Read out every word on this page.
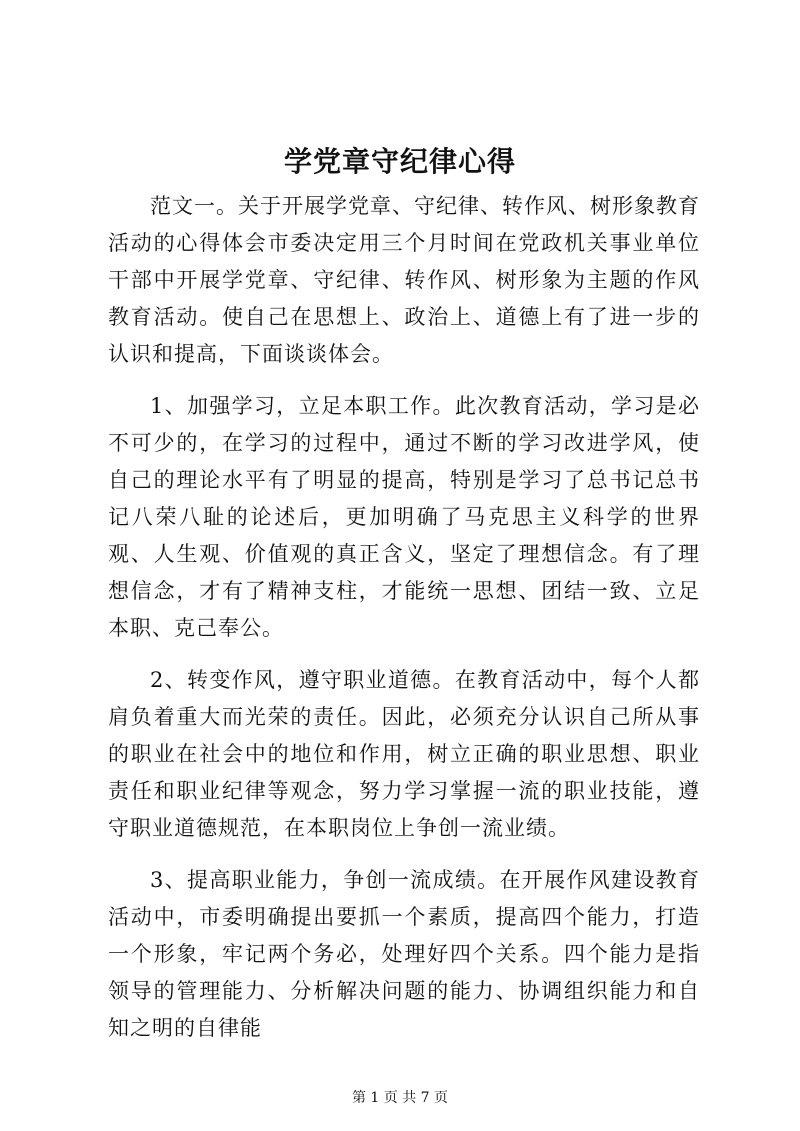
学党章守纪律心得

范文一。关于开展学党章、守纪律、转作风、树形象教育活动的心得体会市委决定用三个月时间在党政机关事业单位干部中开展学党章、守纪律、转作风、树形象为主题的作风教育活动。使自己在思想上、政治上、道德上有了进一步的认识和提高，下面谈谈体会。

1、加强学习，立足本职工作。此次教育活动，学习是必不可少的，在学习的过程中，通过不断的学习改进学风，使自己的理论水平有了明显的提高，特别是学习了总书记总书记八荣八耻的论述后，更加明确了马克思主义科学的世界观、人生观、价值观的真正含义，坚定了理想信念。有了理想信念，才有了精神支柱，才能统一思想、团结一致、立足本职、克己奉公。

2、转变作风，遵守职业道德。在教育活动中，每个人都肩负着重大而光荣的责任。因此，必须充分认识自己所从事的职业在社会中的地位和作用，树立正确的职业思想、职业责任和职业纪律等观念，努力学习掌握一流的职业技能，遵守职业道德规范，在本职岗位上争创一流业绩。

3、提高职业能力，争创一流成绩。在开展作风建设教育活动中，市委明确提出要抓一个素质，提高四个能力，打造一个形象，牢记两个务必，处理好四个关系。四个能力是指领导的管理能力、分析解决问题的能力、协调组织能力和自知之明的自律能

第 1 页 共 7 页
